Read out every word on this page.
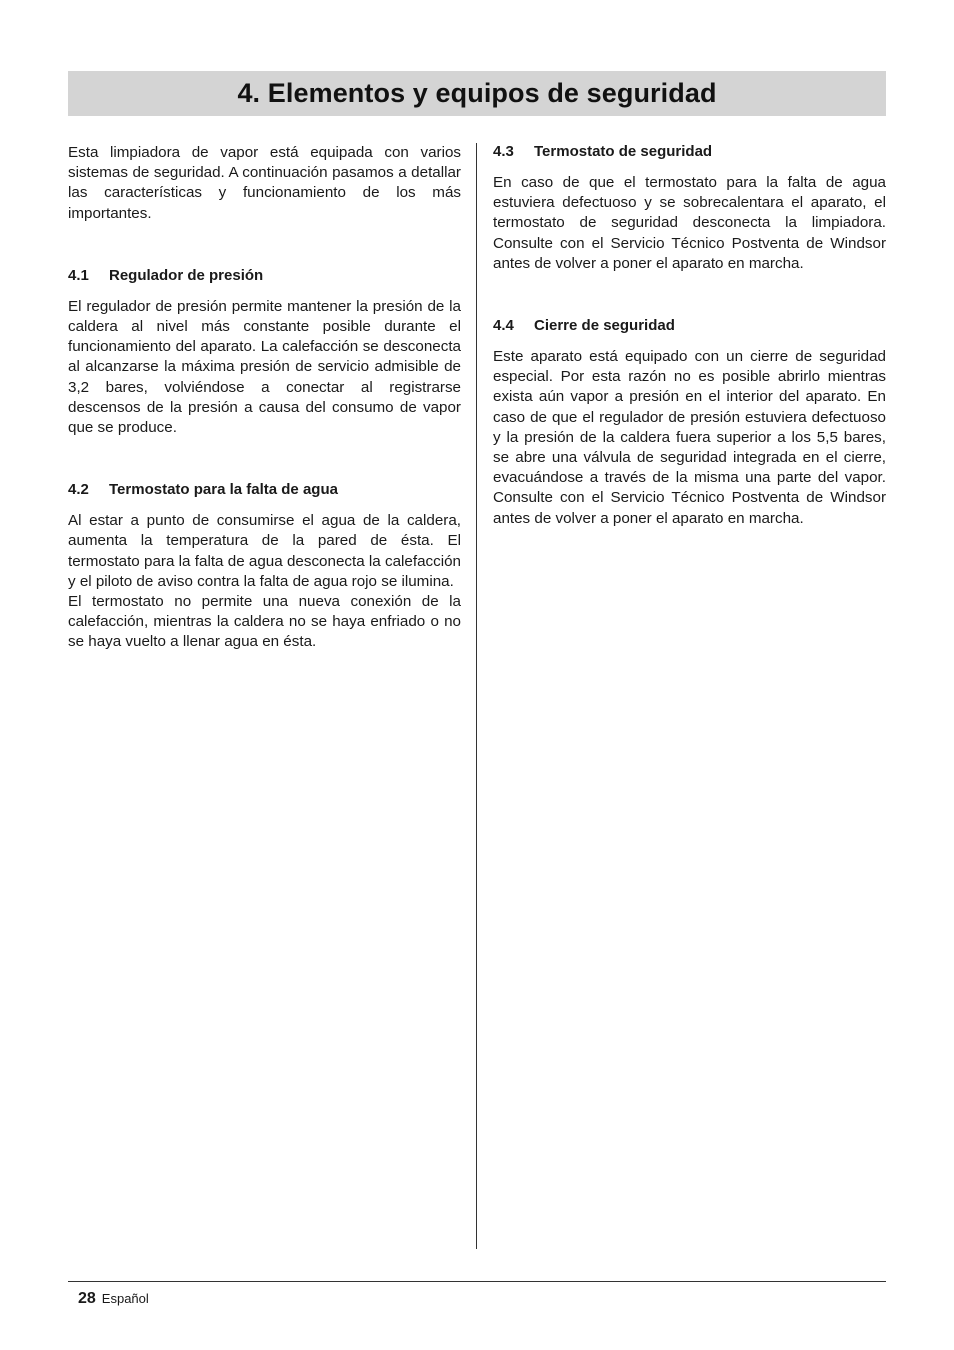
4. Elementos y equipos de seguridad

Esta limpiadora de vapor está equipada con varios sistemas de seguridad. A continuación pasamos a detallar las características y funcionamiento de los más importantes.

4.1 Regulador de presión

El regulador de presión permite mantener la presión de la caldera al nivel más constante posible durante el funcionamiento del aparato. La calefacción se desconecta al alcanzarse la máxima presión de servicio admisible de 3,2 bares, volviéndose a conectar al registrarse descensos de la presión a causa del consumo de vapor que se produce.

4.2 Termostato para la falta de agua

Al estar a punto de consumirse el agua de la caldera, aumenta la temperatura de la pared de ésta. El termostato para la falta de agua desconecta la calefacción y el piloto de aviso contra la falta de agua rojo se ilumina.

El termostato no permite una nueva conexión de la calefacción, mientras la caldera no se haya enfriado o no se haya vuelto a llenar agua en ésta.

4.3 Termostato de seguridad

En caso de que el termostato para la falta de agua estuviera defectuoso y se sobrecalentara el aparato, el termostato de seguridad desconecta la limpiadora. Consulte con el Servicio Técnico Postventa de Windsor antes de volver a poner el aparato en marcha.

4.4 Cierre de seguridad

Este aparato está equipado con un cierre de seguridad especial. Por esta razón no es posible abrirlo mientras exista aún vapor a presión en el interior del aparato. En caso de que el regulador de presión estuviera defectuoso y la presión de la caldera fuera superior a los 5,5 bares, se abre una válvula de seguridad integrada en el cierre, evacuándose a través de la misma una parte del vapor. Consulte con el Servicio Técnico Postventa de Windsor antes de volver a poner el aparato en marcha.

28 Español
